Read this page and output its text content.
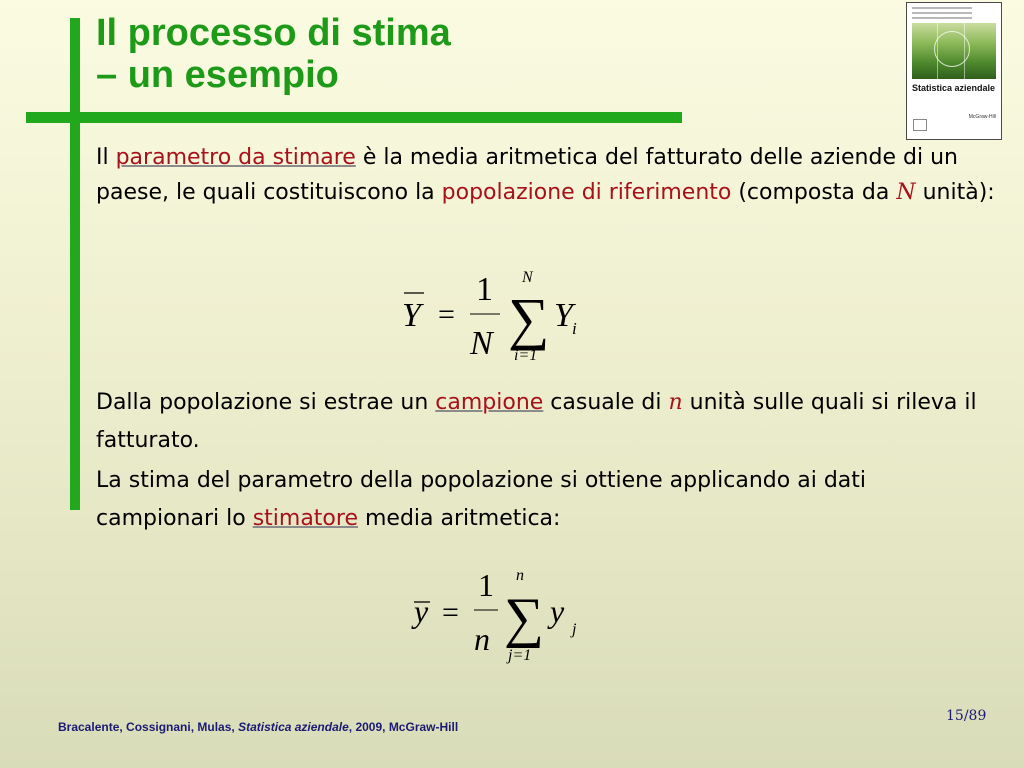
Il processo di stima
– un esempio	Statistica aziendale
McGraw-Hill

Il parametro da stimare è la media aritmetica del fatturato delle aziende di un paese, le quali costituiscono la popolazione di riferimento (composta da N unità):

Y =
1
N
N
∑
i=1
Y i

Dalla popolazione si estrae un campione casuale di n unità sulle quali si rileva il fatturato.

La stima del parametro della popolazione si ottiene applicando ai dati campionari lo stimatore media aritmetica:

y =
1
n
n
∑
j=1
y
j
Bracalente, Cossignani, Mulas, Statistica aziendale, 2009, McGraw-Hill
15/89
